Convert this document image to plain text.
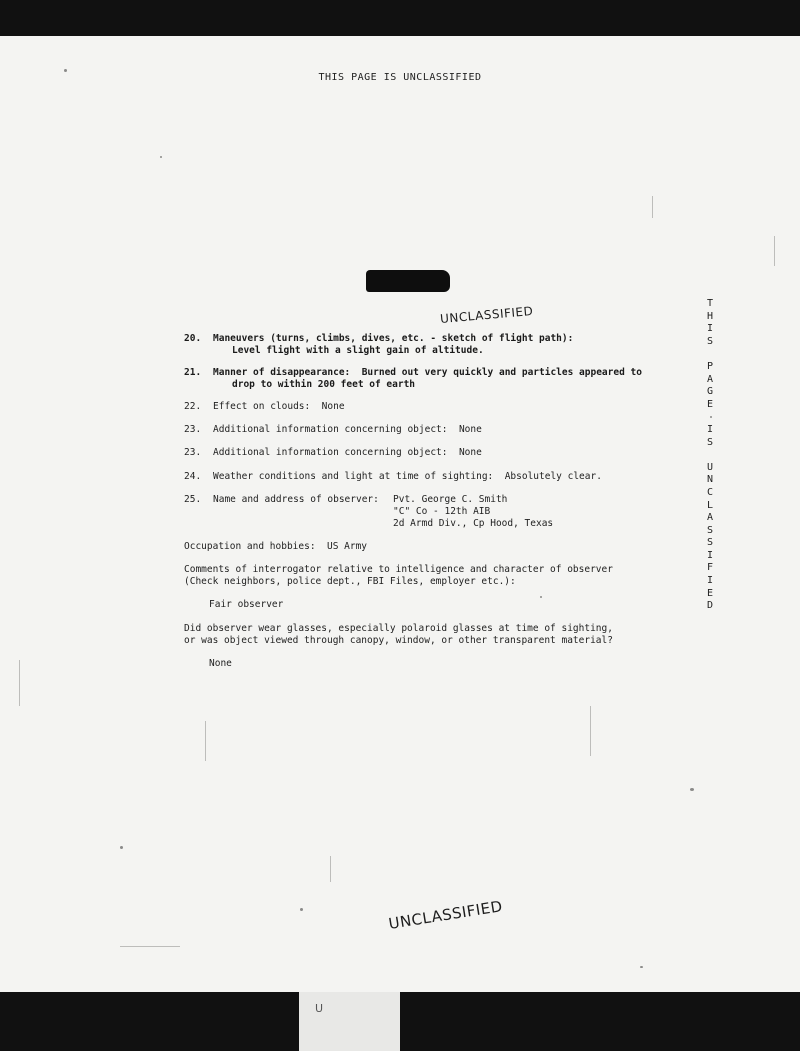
THIS PAGE IS UNCLASSIFIED
UNCLASSIFIED
T
H
I
S
P
A
G
E
I
S
U
N
C
L
A
S
S
I
F
I
E
D
20. Maneuvers (turns, climbs, dives, etc. - sketch of flight path):
Level flight with a slight gain of altitude.
21. Manner of disappearance:  Burned out very quickly and particles appeared to
drop to within 200 feet of earth
22. Effect on clouds:  None
23. Additional information concerning object:  None
23. Additional information concerning object:  None
24. Weather conditions and light at time of sighting:  Absolutely clear.
25. Name and address of observer: Pvt. George C. Smith
"C" Co - 12th AIB
2d Armd Div., Cp Hood, Texas
Occupation and hobbies:  US Army
Comments of interrogator relative to intelligence and character of observer
(Check neighbors, police dept., FBI Files, employer etc.):
Fair observer
Did observer wear glasses, especially polaroid glasses at time of sighting,
or was object viewed through canopy, window, or other transparent material?
None
UNCLASSIFIED
U
